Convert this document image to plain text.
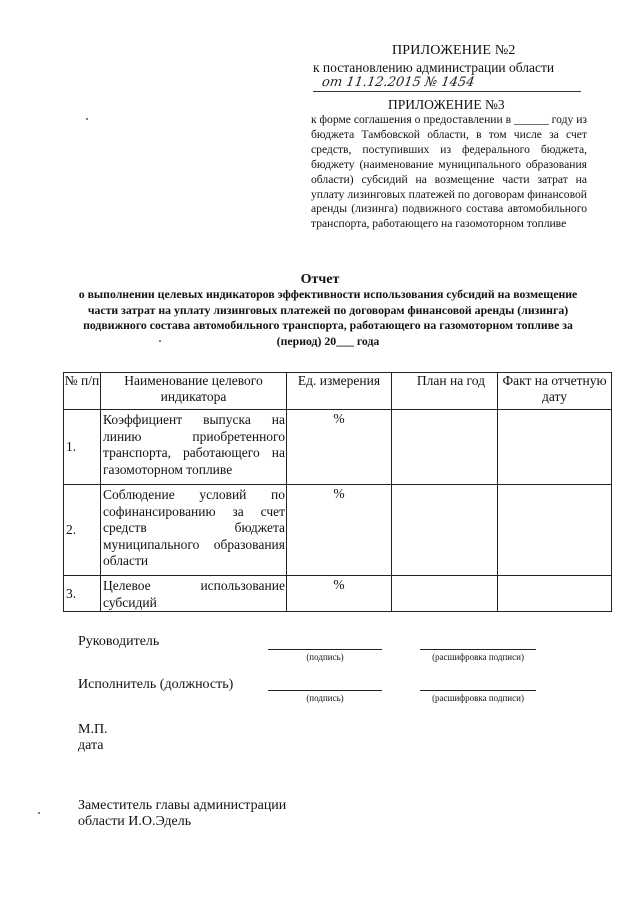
ПРИЛОЖЕНИЕ №2
к постановлению администрации области
от 11.12.2015 № 1454
ПРИЛОЖЕНИЕ №3
к форме соглашения о предоставлении в ______ году из бюджета Тамбовской области, в том числе за счет средств, поступивших из федерального бюджета, бюджету (наименование муниципального образования области) субсидий на возмещение части затрат на уплату лизинговых платежей по договорам финансовой аренды (лизинга) подвижного состава автомобильного транспорта, работающего на газомоторном топливе
Отчет
о выполнении целевых индикаторов эффективности использования субсидий на возмещение части затрат на уплату лизинговых платежей по договорам финансовой аренды (лизинга) подвижного состава автомобильного транспорта, работающего на газомоторном топливе за (период) 20___ года
№ п/п	Наименование целевого индикатора	Ед. измерения	План на год	Факт на отчетную дату
1.	Коэффициент выпуска на линию приобретенного транспорта, работающего на газомоторном топливе	%		
2.	Соблюдение условий по софинансированию за счет средств бюджета муниципального образования области	%		
3.	Целевое использование субсидий	%		
Руководитель
(подпись)	(расшифровка подписи)
Исполнитель (должность)
(подпись)	(расшифровка подписи)
М.П.
дата
Заместитель главы администрации
области И.О.Эдель
